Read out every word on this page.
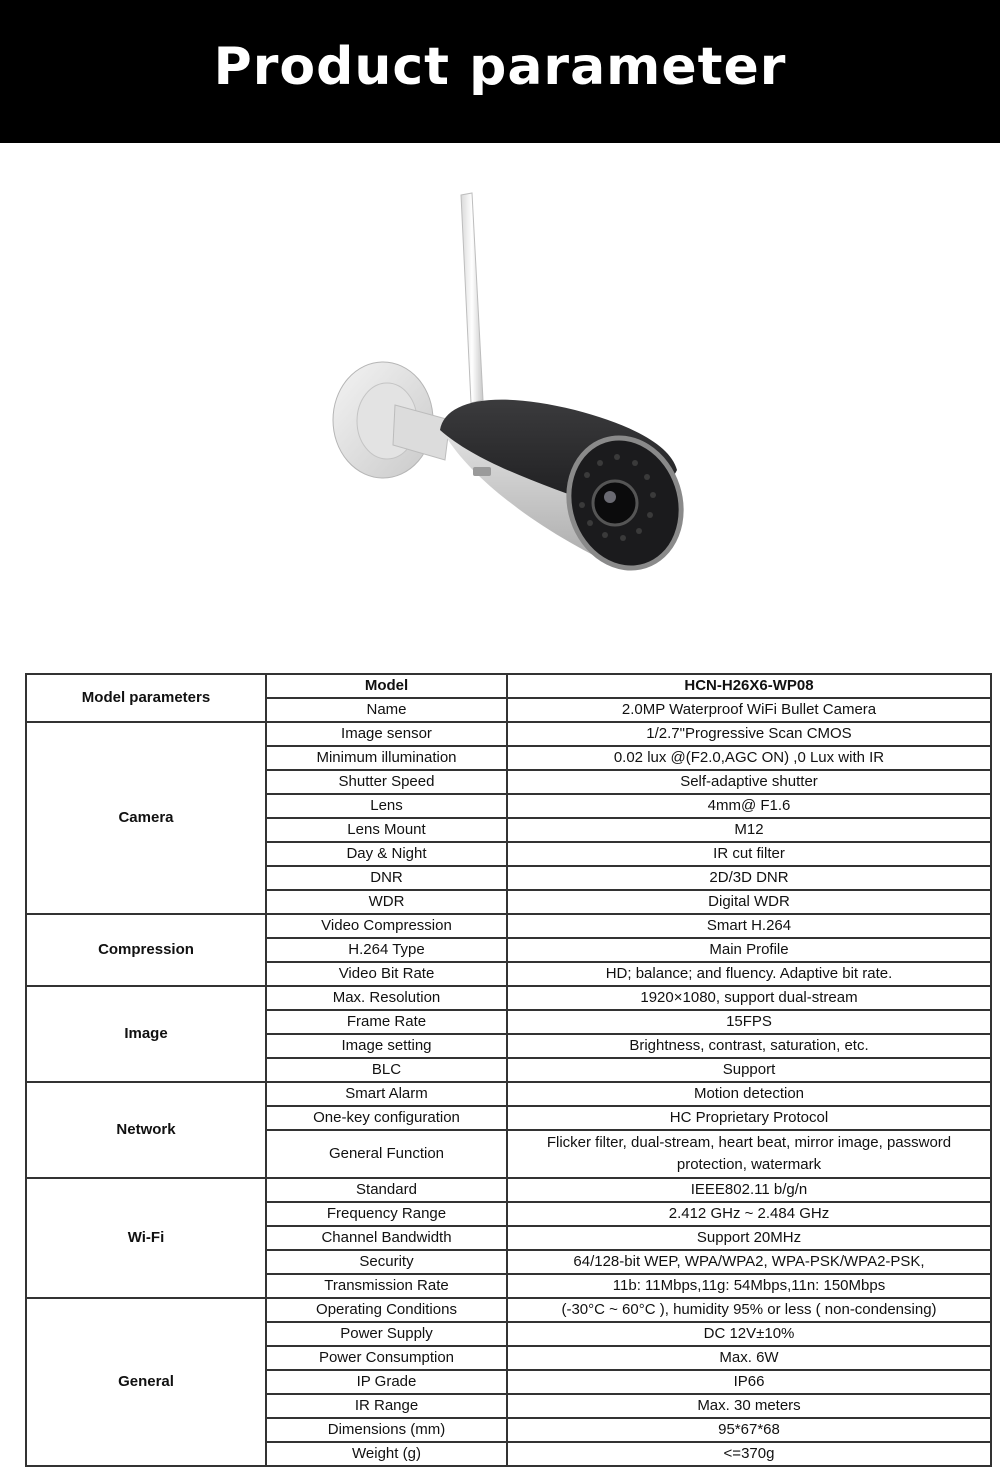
Product parameter
Model parameters	Model	HCN-H26X6-WP08
	Name	2.0MP Waterproof WiFi Bullet Camera
Camera	Image sensor	1/2.7"Progressive Scan CMOS
	Minimum illumination	0.02 lux @(F2.0,AGC ON) ,0 Lux with IR
	Shutter Speed	Self-adaptive shutter
	Lens	4mm@ F1.6
	Lens Mount	M12
	Day & Night	IR cut filter
	DNR	2D/3D DNR
	WDR	Digital WDR
Compression	Video Compression	Smart H.264
	H.264 Type	Main Profile
	Video Bit Rate	HD; balance; and fluency. Adaptive bit rate.
Image	Max. Resolution	1920×1080, support dual-stream
	Frame Rate	15FPS
	Image setting	Brightness, contrast, saturation, etc.
	BLC	Support
Network	Smart Alarm	Motion detection
	One-key configuration	HC Proprietary Protocol
	General Function	Flicker filter, dual-stream, heart beat, mirror image, password protection, watermark
Wi-Fi	Standard	IEEE802.11 b/g/n
	Frequency Range	2.412 GHz ~ 2.484 GHz
	Channel Bandwidth	Support 20MHz
	Security	64/128-bit WEP, WPA/WPA2, WPA-PSK/WPA2-PSK,
	Transmission Rate	11b: 11Mbps,11g: 54Mbps,11n: 150Mbps
General	Operating Conditions	(-30°C ~ 60°C ), humidity 95% or less ( non-condensing)
	Power Supply	DC 12V±10%
	Power Consumption	Max. 6W
	IP Grade	IP66
	IR Range	Max. 30 meters
	Dimensions (mm)	95*67*68
	Weight (g)	<=370g
